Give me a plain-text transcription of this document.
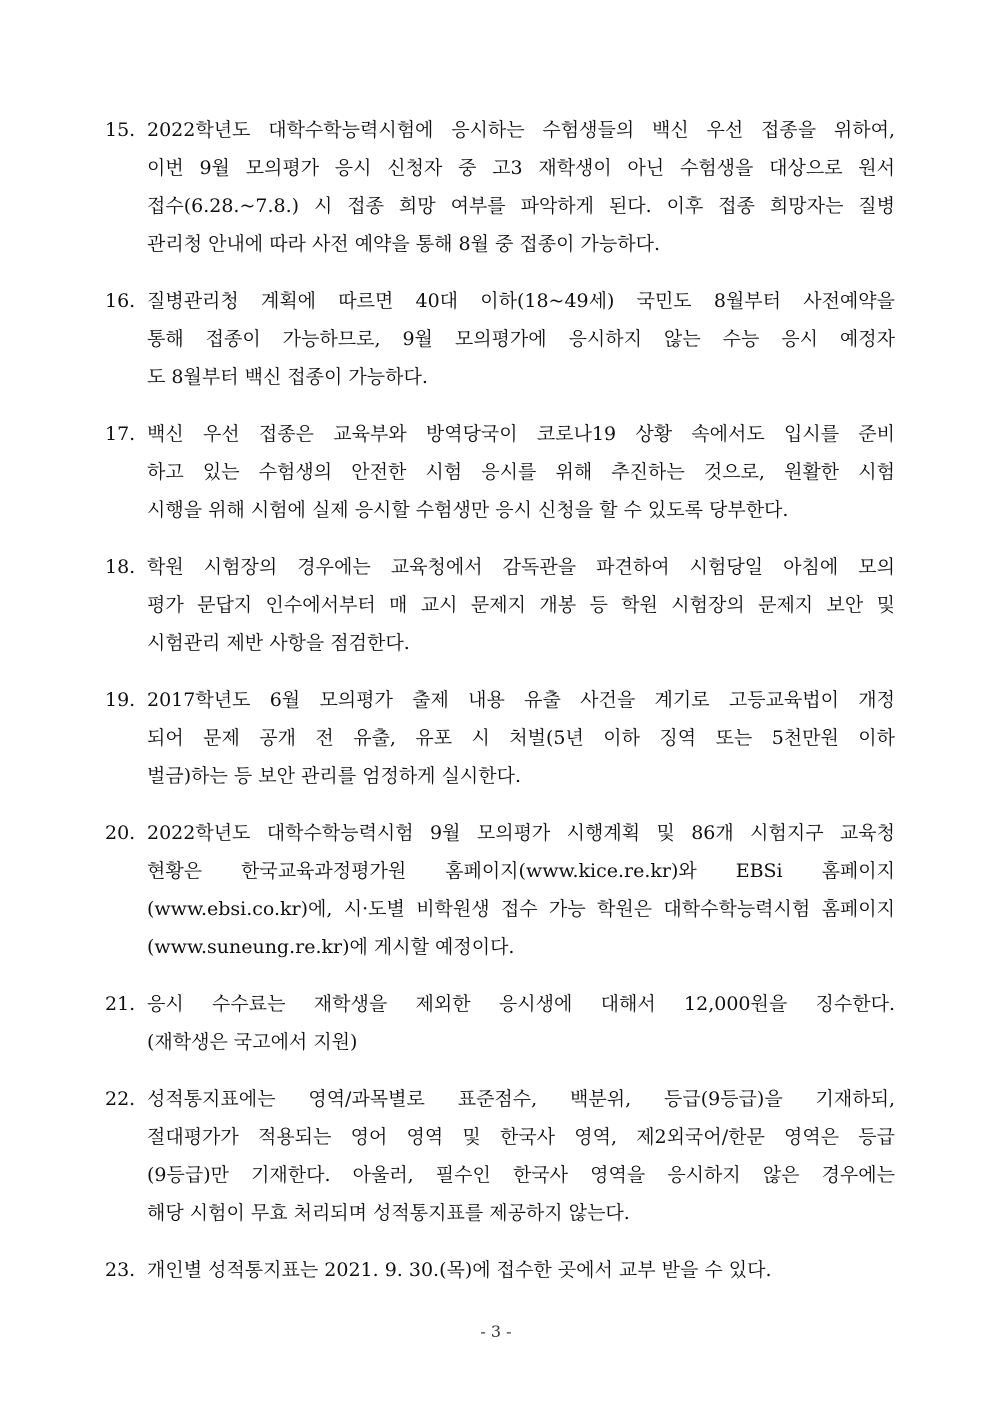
15. 2022학년도 대학수학능력시험에 응시하는 수험생들의 백신 우선 접종을 위하여,
이번 9월 모의평가 응시 신청자 중 고3 재학생이 아닌 수험생을 대상으로 원서
접수(6.28.~7.8.) 시 접종 희망 여부를 파악하게 된다. 이후 접종 희망자는 질병
관리청 안내에 따라 사전 예약을 통해 8월 중 접종이 가능하다.
16. 질병관리청 계획에 따르면 40대 이하(18~49세) 국민도 8월부터 사전예약을
통해 접종이 가능하므로, 9월 모의평가에 응시하지 않는 수능 응시 예정자
도 8월부터 백신 접종이 가능하다.
17. 백신 우선 접종은 교육부와 방역당국이 코로나19 상황 속에서도 입시를 준비
하고 있는 수험생의 안전한 시험 응시를 위해 추진하는 것으로, 원활한 시험
시행을 위해 시험에 실제 응시할 수험생만 응시 신청을 할 수 있도록 당부한다.
18. 학원 시험장의 경우에는 교육청에서 감독관을 파견하여 시험당일 아침에 모의
평가 문답지 인수에서부터 매 교시 문제지 개봉 등 학원 시험장의 문제지 보안 및
시험관리 제반 사항을 점검한다.
19. 2017학년도 6월 모의평가 출제 내용 유출 사건을 계기로 고등교육법이 개정
되어 문제 공개 전 유출, 유포 시 처벌(5년 이하 징역 또는 5천만원 이하
벌금)하는 등 보안 관리를 엄정하게 실시한다.
20. 2022학년도 대학수학능력시험 9월 모의평가 시행계획 및 86개 시험지구 교육청
현황은 한국교육과정평가원 홈페이지(www.kice.re.kr)와 EBSi 홈페이지
(www.ebsi.co.kr)에, 시·도별 비학원생 접수 가능 학원은 대학수학능력시험 홈페이지
(www.suneung.re.kr)에 게시할 예정이다.
21. 응시 수수료는 재학생을 제외한 응시생에 대해서 12,000원을 징수한다.
(재학생은 국고에서 지원)
22. 성적통지표에는 영역/과목별로 표준점수, 백분위, 등급(9등급)을 기재하되,
절대평가가 적용되는 영어 영역 및 한국사 영역, 제2외국어/한문 영역은 등급
(9등급)만 기재한다. 아울러, 필수인 한국사 영역을 응시하지 않은 경우에는
해당 시험이 무효 처리되며 성적통지표를 제공하지 않는다.
23. 개인별 성적통지표는 2021. 9. 30.(목)에 접수한 곳에서 교부 받을 수 있다.
- 3 -
